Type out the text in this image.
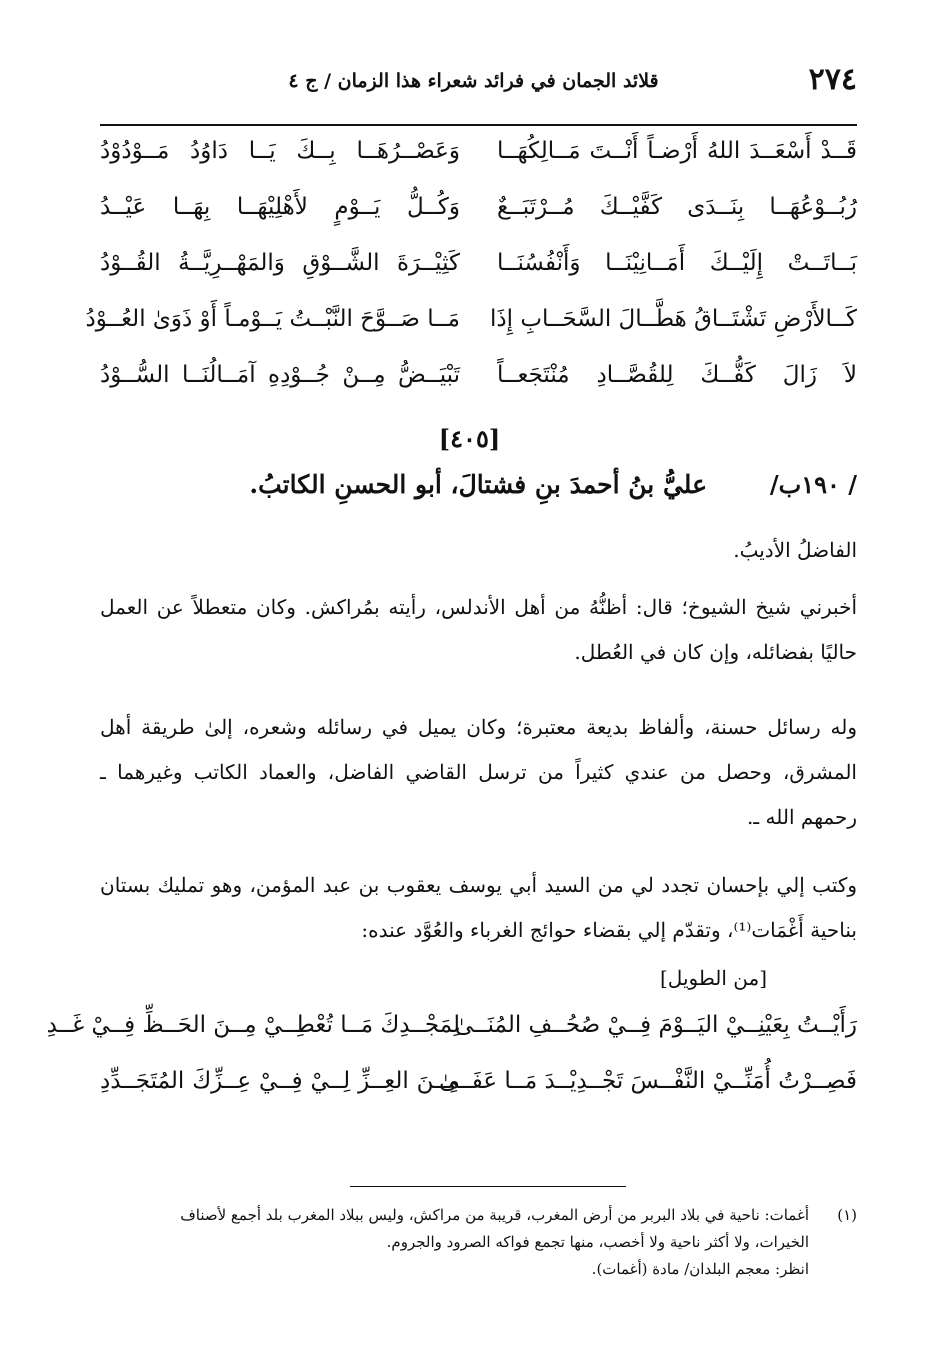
٢٧٤
قلائد الجمان في فرائد شعراء هذا الزمان / ج ٤
قَــدْ أَسْعَــدَ اللهُ أَرْضـاً أَنْــتَ مَــالِكُهَــا
وَعَصْــرُهَــا بِــكَ يَــا دَاوُدُ مَــوْدُوْدُ
رُبُــوْعُهَــا بِنَــدَى كَفَّيْــكَ مُــرْتَبَــعٌ
وَكُــلُّ يَــوْمٍ لأَهْلِيْهَــا بِهَــا عَيْــدُ
بَــاتَــتْ إِلَيْــكَ أَمَــانِيْنَــا وَأَنْفُسُنَــا
كَثِيْــرَةَ الشَّــوْقِ وَالمَهْــرِيَّــةُ القُــوْدُ
كَــالأَرْضِ تَشْتَــاقُ هَطَّــالَ السَّحَــابِ إِذَا
مَــا صَــوَّحَ النَّبْــتُ يَــوْمـاً أَوْ ذَوَىٰ العُــوْدُ
لاَ زَالَ كَفُّــكَ لِلقُصَّــادِ مُنْتَجَعــاً
تَبْيَــضُّ مِــنْ جُــوْدِهِ آمَــالُنَــا السُّــوْدُ
[٤٠٥]
/ ١٩٠ب/
عليُّ بنُ أحمدَ بنِ فشتالَ، أبو الحسنِ الكاتبُ.

الفاضلُ الأديبُ.

أخبرني شيخ الشيوخ؛ قال: أظنُّهُ من أهل الأندلس، رأيته بمُراكش. وكان متعطلاً عن العمل حاليًا بفضائله، وإن كان في العُطل.

وله رسائل حسنة، وألفاظ بديعة معتبرة؛ وكان يميل في رسائله وشعره، إلىٰ طريقة أهل المشرق، وحصل من عندي كثيراً من ترسل القاضي الفاضل، والعماد الكاتب وغيرهما ـ رحمهم الله ـ.

وكتب إلي بإحسان تجدد لي من السيد أبي يوسف يعقوب بن عبد المؤمن، وهو تمليك بستان بناحية أَغْمَات⁽¹⁾، وتقدّم إلي بقضاء حوائج الغرباء والعُوَّد عنده:

[من الطويل]
رَأَيْــتُ بِعَيْنِــيْ اليَــوْمَ فِــيْ صُحُــفِ المُنَــىٰ
لِمَجْــدِكَ مَــا تُعْطِــيْ مِــنَ الحَــظِّ فِــيْ غَــدِ
فَصِــرْتُ أُمَنِّــيْ النَّفْــسَ تَجْــدِيْــدَ مَــا عَفَــىٰ
مِــنَ العِــزِّ لِــيْ فِــيْ عِــزِّكَ المُتَجَــدِّدِ
(١)
أغمات: ناحية في بلاد البربر من أرض المغرب، قريبة من مراكش، وليس ببلاد المغرب بلد أجمع لأصناف
الخيرات، ولا أكثر ناحية ولا أخصب، منها تجمع فواكه الصرود والجروم.
انظر: معجم البلدان/ مادة (أغمات).
